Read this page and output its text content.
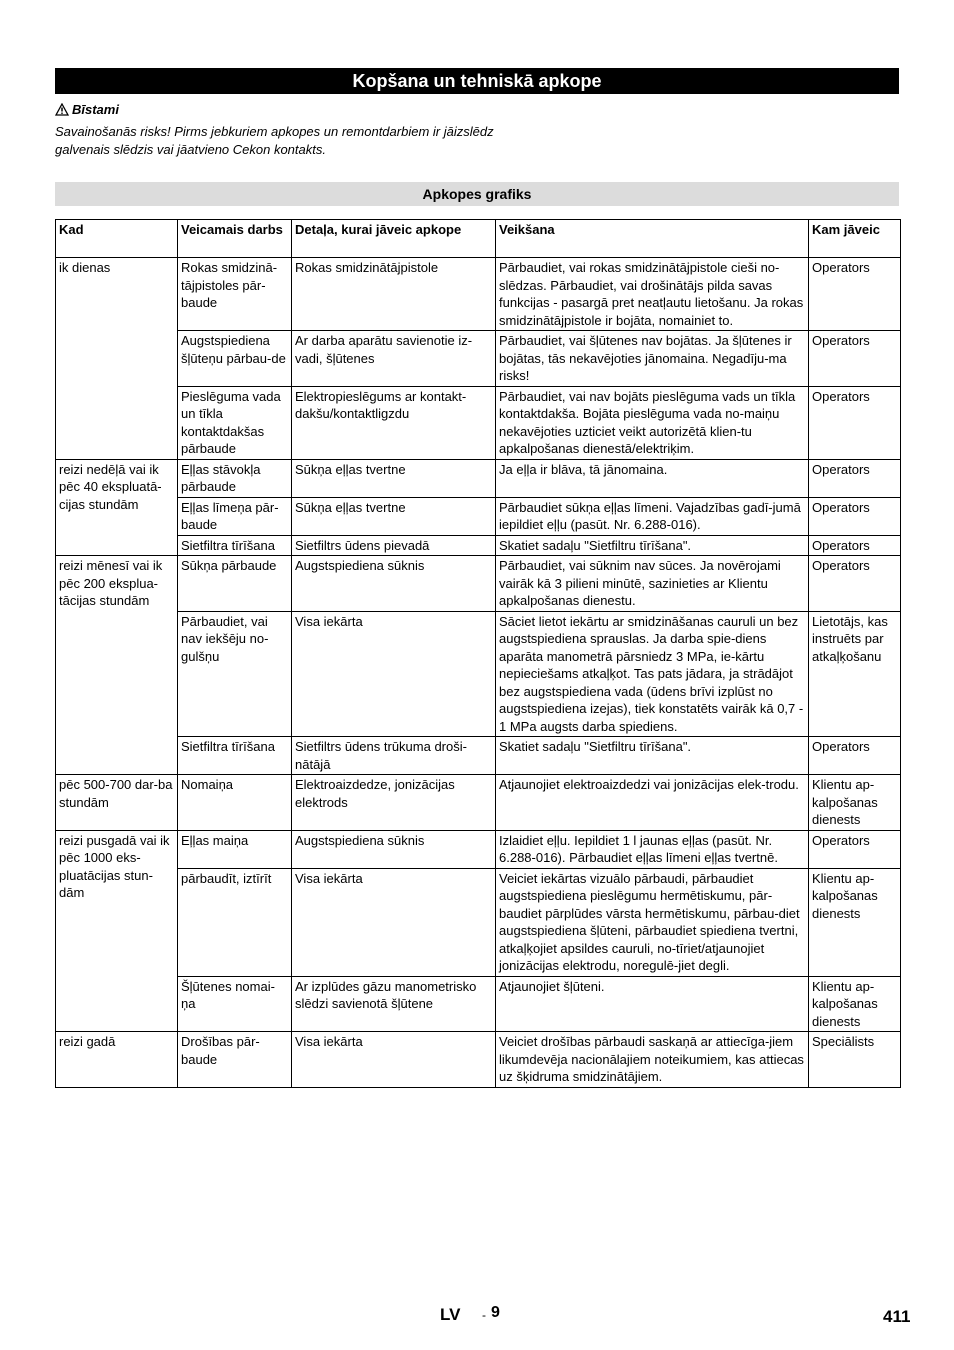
Kopšana un tehniskā apkope
Bīstami
Savainošanās risks! Pirms jebkuriem apkopes un remontdarbiem ir jāizslēdz galvenais slēdzis vai jāatvieno Cekon kontakts.
Apkopes grafiks
Kad	Veicamais darbs	Detaļa, kurai jāveic apkope	Veikšana	Kam jāveic
ik dienas	Rokas smidzinā-tājpistoles pār-baude	Rokas smidzinātājpistole	Pārbaudiet, vai rokas smidzinātājpistole cieši no-slēdzas. Pārbaudiet, vai drošinātājs pilda savas funkcijas - pasargā pret neatļautu lietošanu. Ja rokas smidzinātājpistole ir bojāta, nomainiet to.	Operators
	Augstspiediena šļūteņu pārbau-de	Ar darba aparātu savienotie iz-vadi, šļūtenes	Pārbaudiet, vai šļūtenes nav bojātas. Ja šļūtenes ir bojātas, tās nekavējoties jānomaina. Negadīju-ma risks!	Operators
	Pieslēguma vada un tīkla kontaktdakšas pārbaude	Elektropieslēgums ar kontakt-dakšu/kontaktligzdu	Pārbaudiet, vai nav bojāts pieslēguma vads un tīkla kontaktdakša. Bojāta pieslēguma vada no-maiņu nekavējoties uzticiet veikt autorizētā klien-tu apkalpošanas dienestā/elektriķim.	Operators
reizi nedēļā vai ik pēc 40 ekspluatā-cijas stundām	Eļļas stāvokļa pārbaude	Sūkņa eļļas tvertne	Ja eļļa ir blāva, tā jānomaina.	Operators
	Eļļas līmeņa pār-baude	Sūkņa eļļas tvertne	Pārbaudiet sūkņa eļļas līmeni. Vajadzības gadī-jumā iepildiet eļļu (pasūt. Nr. 6.288-016).	Operators
	Sietfiltra tīrīšana	Sietfiltrs ūdens pievadā	Skatiet sadaļu "Sietfiltru tīrīšana".	Operators
reizi mēnesī vai ik pēc 200 eksplua-tācijas stundām	Sūkņa pārbaude	Augstspiediena sūknis	Pārbaudiet, vai sūknim nav sūces. Ja novērojami vairāk kā 3 pilieni minūtē, sazinieties ar Klientu apkalpošanas dienestu.	Operators
	Pārbaudiet, vai nav iekšēju no-gulšņu	Visa iekārta	Sāciet lietot iekārtu ar smidzināšanas cauruli un bez augstspiediena sprauslas. Ja darba spie-diens aparāta manometrā pārsniedz 3 MPa, ie-kārtu nepieciešams atkaļķot. Tas pats jādara, ja strādājot bez augstspiediena vada (ūdens brīvi izplūst no augstspiediena izejas), tiek konstatēts vairāk kā 0,7 - 1 MPa augsts darba spiediens.	Lietotājs, kas instruēts par atkaļķošanu
	Sietfiltra tīrīšana	Sietfiltrs ūdens trūkuma droši-nātājā	Skatiet sadaļu "Sietfiltru tīrīšana".	Operators
pēc 500-700 dar-ba stundām	Nomaiņa	Elektroaizdedze, jonizācijas elektrods	Atjaunojiet elektroaizdedzi vai jonizācijas elek-trodu.	Klientu ap-kalpošanas dienests
reizi pusgadā vai ik pēc 1000 eks-pluatācijas stun-dām	Eļļas maiņa	Augstspiediena sūknis	Izlaidiet eļļu. Iepildiet 1 l jaunas eļļas (pasūt. Nr. 6.288-016). Pārbaudiet eļļas līmeni eļļas tvertnē.	Operators
	pārbaudīt, iztīrīt	Visa iekārta	Veiciet iekārtas vizuālo pārbaudi, pārbaudiet augstspiediena pieslēgumu hermētiskumu, pār-baudiet pārplūdes vārsta hermētiskumu, pārbau-diet augstspiediena šļūteni, pārbaudiet spiediena tvertni, atkaļķojiet apsildes cauruli, no-tīriet/atjaunojiet jonizācijas elektrodu, noregulē-jiet degli.	Klientu ap-kalpošanas dienests
	Šļūtenes nomai-ņa	Ar izplūdes gāzu manometrisko slēdzi savienotā šļūtene	Atjaunojiet šļūteni.	Klientu ap-kalpošanas dienests
reizi gadā	Drošības pār-baude	Visa iekārta	Veiciet drošības pārbaudi saskaņā ar attiecīga-jiem likumdevēja nacionālajiem noteikumiem, kas attiecas uz šķidruma smidzinātājiem.	Speciālists
LV - 9	411
